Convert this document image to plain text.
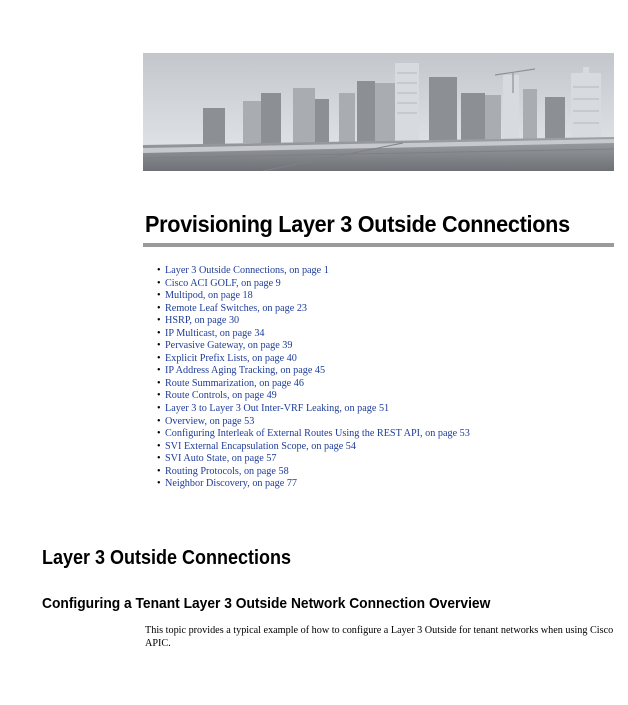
Provisioning Layer 3 Outside Connections
• Layer 3 Outside Connections, on page 1
• Cisco ACI GOLF, on page 9
• Multipod, on page 18
• Remote Leaf Switches, on page 23
• HSRP, on page 30
• IP Multicast, on page 34
• Pervasive Gateway, on page 39
• Explicit Prefix Lists, on page 40
• IP Address Aging Tracking, on page 45
• Route Summarization, on page 46
• Route Controls, on page 49
• Layer 3 to Layer 3 Out Inter-VRF Leaking, on page 51
• Overview, on page 53
• Configuring Interleak of External Routes Using the REST API, on page 53
• SVI External Encapsulation Scope, on page 54
• SVI Auto State, on page 57
• Routing Protocols, on page 58
• Neighbor Discovery, on page 77
Layer 3 Outside Connections
Configuring a Tenant Layer 3 Outside Network Connection Overview

This topic provides a typical example of how to configure a Layer 3 Outside for tenant networks when using Cisco APIC.
